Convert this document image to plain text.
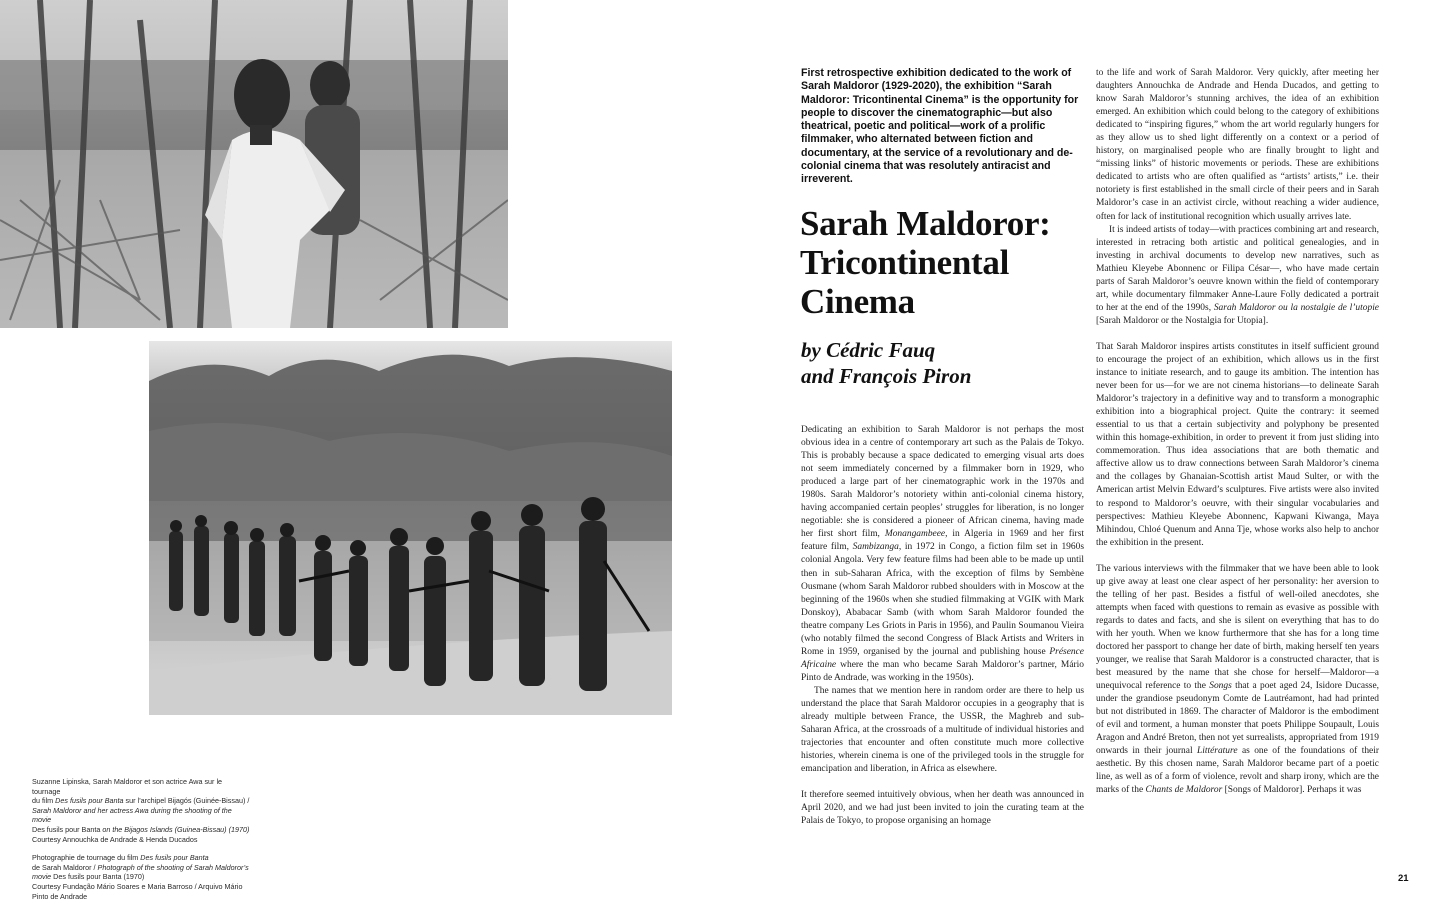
Suzanne Lipinska, Sarah Maldoror et son actrice Awa sur le tournage

du film Des fusils pour Banta sur l’archipel Bijagós (Guinée-Bissau) /

Sarah Maldoror and her actress Awa during the shooting of the movie

Des fusils pour Banta on the Bijagos Islands (Guinea-Bissau) (1970)

Courtesy Annouchka de Andrade & Henda Ducados

Photographie de tournage du film Des fusils pour Banta

de Sarah Maldoror / Photograph of the shooting of Sarah Maldoror’s

movie Des fusils pour Banta (1970)

Courtesy Fundação Mário Soares e Maria Barroso / Arquivo Mário

Pinto de Andrade

First retrospective exhibition dedicated to the work of Sarah Maldoror (1929-2020), the exhibition “Sarah Maldoror: Tricontinental Cinema” is the opportunity for people to discover the cinematographic—but also theatrical, poetic and political—work of a prolific filmmaker, who alternated between fiction and documentary, at the service of a revolutionary and de-colonial cinema that was resolutely antiracist and irreverent.

Sarah Maldoror:
Tricontinental
Cinema
by Cédric Fauq
and François Piron

Dedicating an exhibition to Sarah Maldoror is not perhaps the most obvious idea in a centre of contemporary art such as the Palais de Tokyo. This is probably because a space dedicated to emerging visual arts does not seem immediately concerned by a filmmaker born in 1929, who produced a large part of her cinematographic work in the 1970s and 1980s. Sarah Maldoror’s notoriety within anti-colonial cinema history, having accompanied certain peoples’ struggles for liberation, is no longer negotiable: she is considered a pioneer of African cinema, having made her first short film, Monangambeee, in Algeria in 1969 and her first feature film, Sambizanga, in 1972 in Congo, a fiction film set in 1960s colonial Angola. Very few feature films had been able to be made up until then in sub-Saharan Africa, with the exception of films by Sembène Ousmane (whom Sarah Maldoror rubbed shoulders with in Moscow at the beginning of the 1960s when she studied filmmaking at VGIK with Mark Donskoy), Ababacar Samb (with whom Sarah Maldoror founded the theatre company Les Griots in Paris in 1956), and Paulin Soumanou Vieira (who notably filmed the second Congress of Black Artists and Writers in Rome in 1959, organised by the journal and publishing house Présence Africaine where the man who became Sarah Maldoror’s partner, Mário Pinto de Andrade, was working in the 1950s).

The names that we mention here in random order are there to help us understand the place that Sarah Maldoror occupies in a geography that is already multiple between France, the USSR, the Maghreb and sub-Saharan Africa, at the crossroads of a multitude of individual histories and trajectories that encounter and often constitute much more collective histories, wherein cinema is one of the privileged tools in the struggle for emancipation and liberation, in Africa as elsewhere.

It therefore seemed intuitively obvious, when her death was announced in April 2020, and we had just been invited to join the curating team at the Palais de Tokyo, to propose organising an homage

to the life and work of Sarah Maldoror. Very quickly, after meeting her daughters Annouchka de Andrade and Henda Ducados, and getting to know Sarah Maldoror’s stunning archives, the idea of an exhibition emerged. An exhibition which could belong to the category of exhibitions dedicated to “inspiring figures,” whom the art world regularly hungers for as they allow us to shed light differently on a context or a period of history, on marginalised people who are finally brought to light and “missing links” of historic movements or periods. These are exhibitions dedicated to artists who are often qualified as “artists’ artists,” i.e. their notoriety is first established in the small circle of their peers and in Sarah Maldoror’s case in an activist circle, without reaching a wider audience, often for lack of institutional recognition which usually arrives late.

It is indeed artists of today—with practices combining art and research, interested in retracing both artistic and political genealogies, and in investing in archival documents to develop new narratives, such as Mathieu Kleyebe Abonnenc or Filipa César—, who have made certain parts of Sarah Maldoror’s oeuvre known within the field of contemporary art, while documentary filmmaker Anne-Laure Folly dedicated a portrait to her at the end of the 1990s, Sarah Maldoror ou la nostalgie de l’utopie [Sarah Maldoror or the Nostalgia for Utopia].

That Sarah Maldoror inspires artists constitutes in itself sufficient ground to encourage the project of an exhibition, which allows us in the first instance to initiate research, and to gauge its ambition. The intention has never been for us—for we are not cinema historians—to delineate Sarah Maldoror’s trajectory in a definitive way and to transform a monographic exhibition into a biographical project. Quite the contrary: it seemed essential to us that a certain subjectivity and polyphony be presented within this homage-exhibition, in order to prevent it from just sliding into commemoration. Thus idea associations that are both thematic and affective allow us to draw connections between Sarah Maldoror’s cinema and the collages by Ghanaian-Scottish artist Maud Sulter, or with the American artist Melvin Edward’s sculptures. Five artists were also invited to respond to Maldoror’s oeuvre, with their singular vocabularies and perspectives: Mathieu Kleyebe Abonnenc, Kapwani Kiwanga, Maya Mihindou, Chloé Quenum and Anna Tje, whose works also help to anchor the exhibition in the present.

The various interviews with the filmmaker that we have been able to look up give away at least one clear aspect of her personality: her aversion to the telling of her past. Besides a fistful of well-oiled anecdotes, she attempts when faced with questions to remain as evasive as possible with regards to dates and facts, and she is silent on everything that has to do with her youth. When we know furthermore that she has for a long time doctored her passport to change her date of birth, making herself ten years younger, we realise that Sarah Maldoror is a constructed character, that is best measured by the name that she chose for herself—Maldoror—a unequivocal reference to the Songs that a poet aged 24, Isidore Ducasse, under the grandiose pseudonym Comte de Lautréamont, had had printed but not distributed in 1869. The character of Maldoror is the embodiment of evil and torment, a human monster that poets Philippe Soupault, Louis Aragon and André Breton, then not yet surrealists, appropriated from 1919 onwards in their journal Littérature as one of the foundations of their aesthetic. By this chosen name, Sarah Maldoror became part of a poetic line, as well as of a form of violence, revolt and sharp irony, which are the marks of the Chants de Maldoror [Songs of Maldoror]. Perhaps it was

21
